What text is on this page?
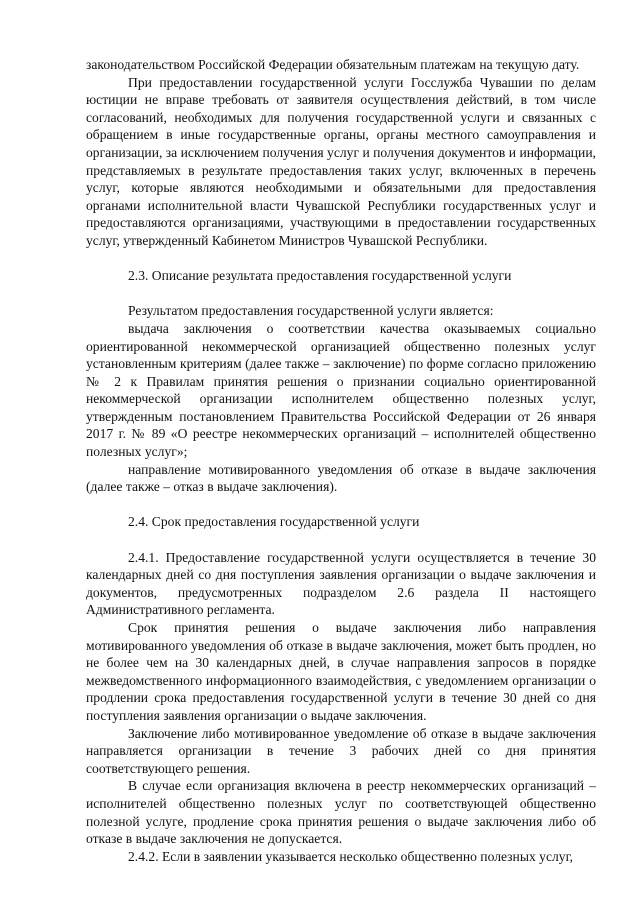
законодательством Российской Федерации обязательным платежам на текущую дату.

При предоставлении государственной услуги Госслужба Чувашии по делам юстиции не вправе требовать от заявителя осуществления действий, в том числе согласований, необходимых для получения государственной услуги и связанных с обращением в иные государственные органы, органы местного самоуправления и организации, за исключением получения услуг и получения документов и информации, представляемых в результате предоставления таких услуг, включенных в перечень услуг, которые являются необходимыми и обязательными для предоставления органами исполнительной власти Чувашской Республики государственных услуг и предоставляются организациями, участвующими в предоставлении государственных услуг, утвержденный Кабинетом Министров Чувашской Республики.

2.3. Описание результата предоставления государственной услуги

Результатом предоставления государственной услуги является:

выдача заключения о соответствии качества оказываемых социально ориентированной некоммерческой организацией общественно полезных услуг установленным критериям (далее также – заключение) по форме согласно приложению № 2 к Правилам принятия решения о признании социально ориентированной некоммерческой организации исполнителем общественно полезных услуг, утвержденным постановлением Правительства Российской Федерации от 26 января 2017 г. № 89 «О реестре некоммерческих организаций – исполнителей общественно полезных услуг»;

направление мотивированного уведомления об отказе в выдаче заключения (далее также – отказ в выдаче заключения).

2.4. Срок предоставления государственной услуги

2.4.1. Предоставление государственной услуги осуществляется в течение 30 календарных дней со дня поступления заявления организации о выдаче заключения и документов, предусмотренных подразделом 2.6 раздела II настоящего Административного регламента.

Срок принятия решения о выдаче заключения либо направления мотивированного уведомления об отказе в выдаче заключения, может быть продлен, но не более чем на 30 календарных дней, в случае направления запросов в порядке межведомственного информационного взаимодействия, с уведомлением организации о продлении срока предоставления государственной услуги в течение 30 дней со дня поступления заявления организации о выдаче заключения.

Заключение либо мотивированное уведомление об отказе в выдаче заключения направляется организации в течение 3 рабочих дней со дня принятия соответствующего решения.

В случае если организация включена в реестр некоммерческих организаций – исполнителей общественно полезных услуг по соответствующей общественно полезной услуге, продление срока принятия решения о выдаче заключения либо об отказе в выдаче заключения не допускается.

2.4.2. Если в заявлении указывается несколько общественно полезных услуг,
